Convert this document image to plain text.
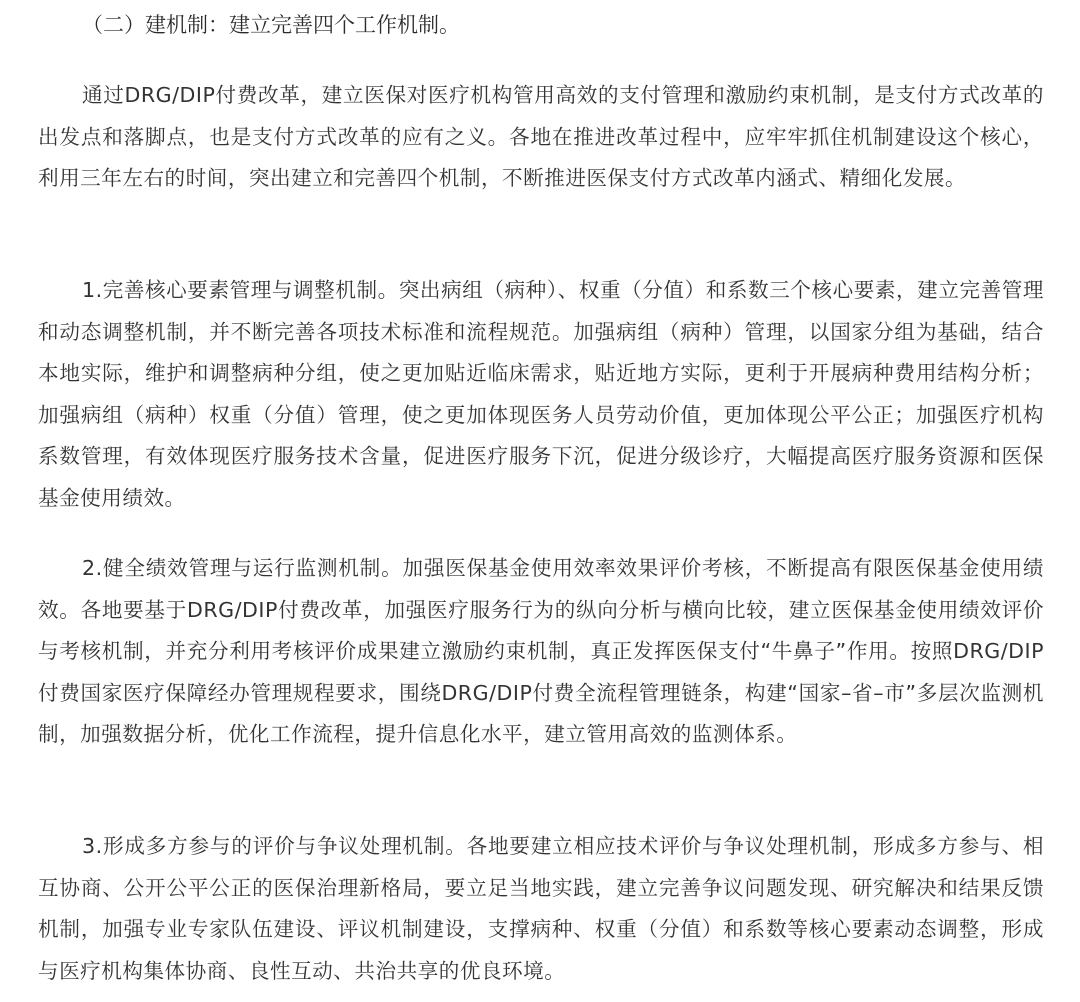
（二）建机制：建立完善四个工作机制。

通过DRG/DIP付费改革，建立医保对医疗机构管用高效的支付管理和激励约束机制，是支付方式改革的出发点和落脚点，也是支付方式改革的应有之义。各地在推进改革过程中，应牢牢抓住机制建设这个核心，利用三年左右的时间，突出建立和完善四个机制，不断推进医保支付方式改革内涵式、精细化发展。

1.完善核心要素管理与调整机制。突出病组（病种）、权重（分值）和系数三个核心要素，建立完善管理和动态调整机制，并不断完善各项技术标准和流程规范。加强病组（病种）管理，以国家分组为基础，结合本地实际，维护和调整病种分组，使之更加贴近临床需求，贴近地方实际，更利于开展病种费用结构分析；加强病组（病种）权重（分值）管理，使之更加体现医务人员劳动价值，更加体现公平公正；加强医疗机构系数管理，有效体现医疗服务技术含量，促进医疗服务下沉，促进分级诊疗，大幅提高医疗服务资源和医保基金使用绩效。

2.健全绩效管理与运行监测机制。加强医保基金使用效率效果评价考核，不断提高有限医保基金使用绩效。各地要基于DRG/DIP付费改革，加强医疗服务行为的纵向分析与横向比较，建立医保基金使用绩效评价与考核机制，并充分利用考核评价成果建立激励约束机制，真正发挥医保支付“牛鼻子”作用。按照DRG/DIP付费国家医疗保障经办管理规程要求，围绕DRG/DIP付费全流程管理链条，构建“国家–省–市”多层次监测机制，加强数据分析，优化工作流程，提升信息化水平，建立管用高效的监测体系。

3.形成多方参与的评价与争议处理机制。各地要建立相应技术评价与争议处理机制，形成多方参与、相互协商、公开公平公正的医保治理新格局，要立足当地实践，建立完善争议问题发现、研究解决和结果反馈机制，加强专业专家队伍建设、评议机制建设，支撑病种、权重（分值）和系数等核心要素动态调整，形成与医疗机构集体协商、良性互动、共治共享的优良环境。
